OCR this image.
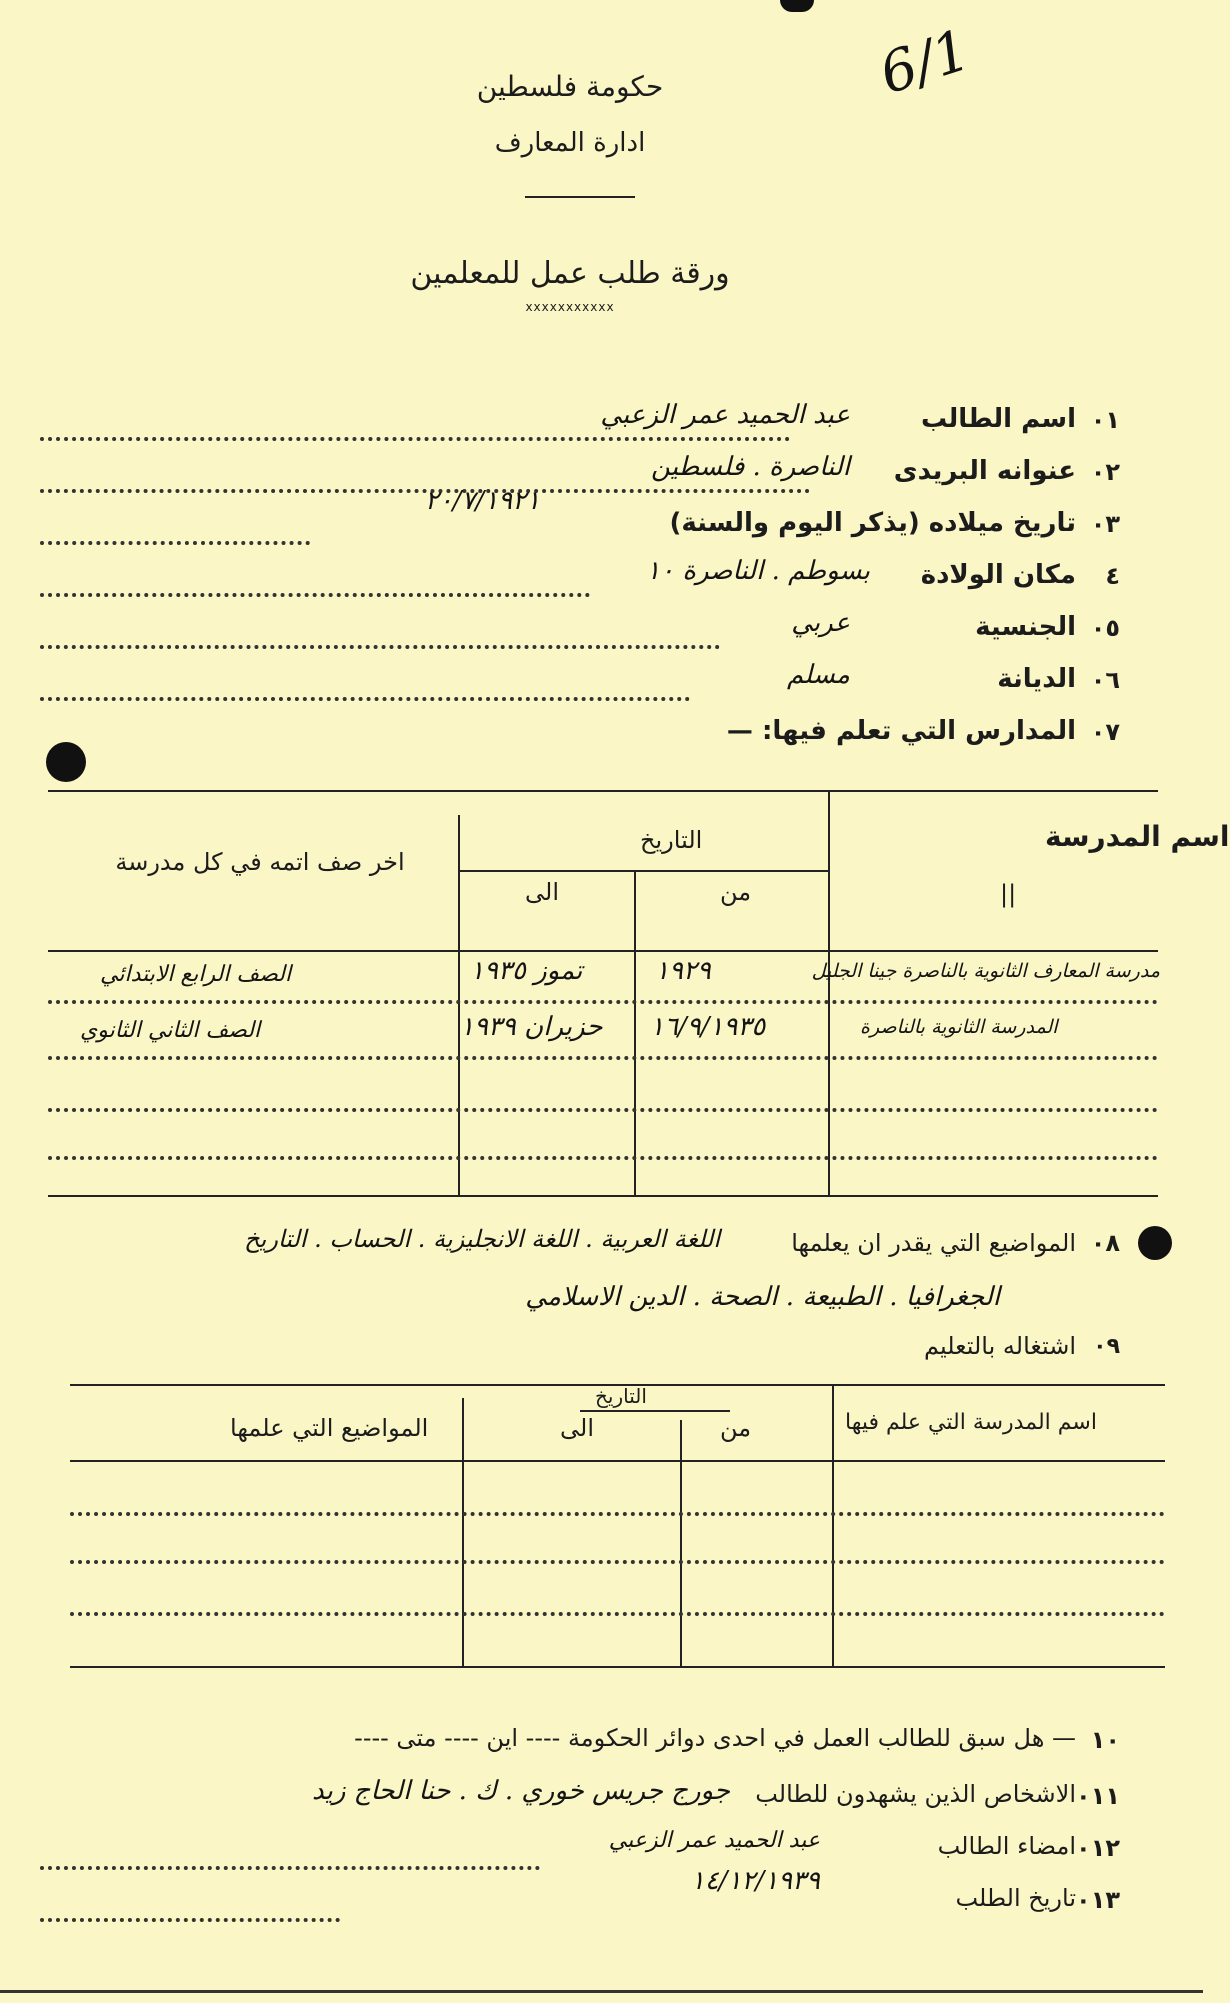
6/1
حكومة فلسطين
ادارة المعارف
ورقة طلب عمل للمعلمين
xxxxxxxxxxx
٠١
اسم الطالب
عبد الحميد عمر الزعبي
٠٢
عنوانه البريدى
الناصرة . فلسطين
٠٣
تاريخ ميلاده (يذكر اليوم والسنة)
٢٠/٧/١٩٢١
٤
مكان الولادة
بسوطم . الناصرة ١٠
٠٥
الجنسية
عربي
٠٦
الديانة
مسلم
٠٧
المدارس التي تعلم فيها: —
اسم المدرسة
||
التاريخ
من
الى
اخر صف اتمه في كل مدرسة
مدرسة المعارف الثانوية بالناصرة جينا الجليل
١٩٢٩
تموز ١٩٣٥
الصف الرابع الابتدائي
المدرسة الثانوية بالناصرة
١٦/٩/١٩٣٥
حزيران ١٩٣٩
الصف الثاني الثانوي
٠٨
المواضيع التي يقدر ان يعلمها
اللغة العربية . اللغة الانجليزية . الحساب . التاريخ
الجغرافيا . الطبيعة . الصحة . الدين الاسلامي
٠٩
اشتغاله بالتعليم
اسم المدرسة التي علم فيها
التاريخ
من
الى
المواضيع التي علمها
١٠
— هل سبق للطالب العمل في احدى دوائر الحكومة ---- اين ---- متى ----
٠١١
الاشخاص الذين يشهدون للطالب
جورج جريس خوري . ك . حنا الحاج زيد
٠١٢
امضاء الطالب
عبد الحميد عمر الزعبي
٠١٣
تاريخ الطلب
١٤/١٢/١٩٣٩
